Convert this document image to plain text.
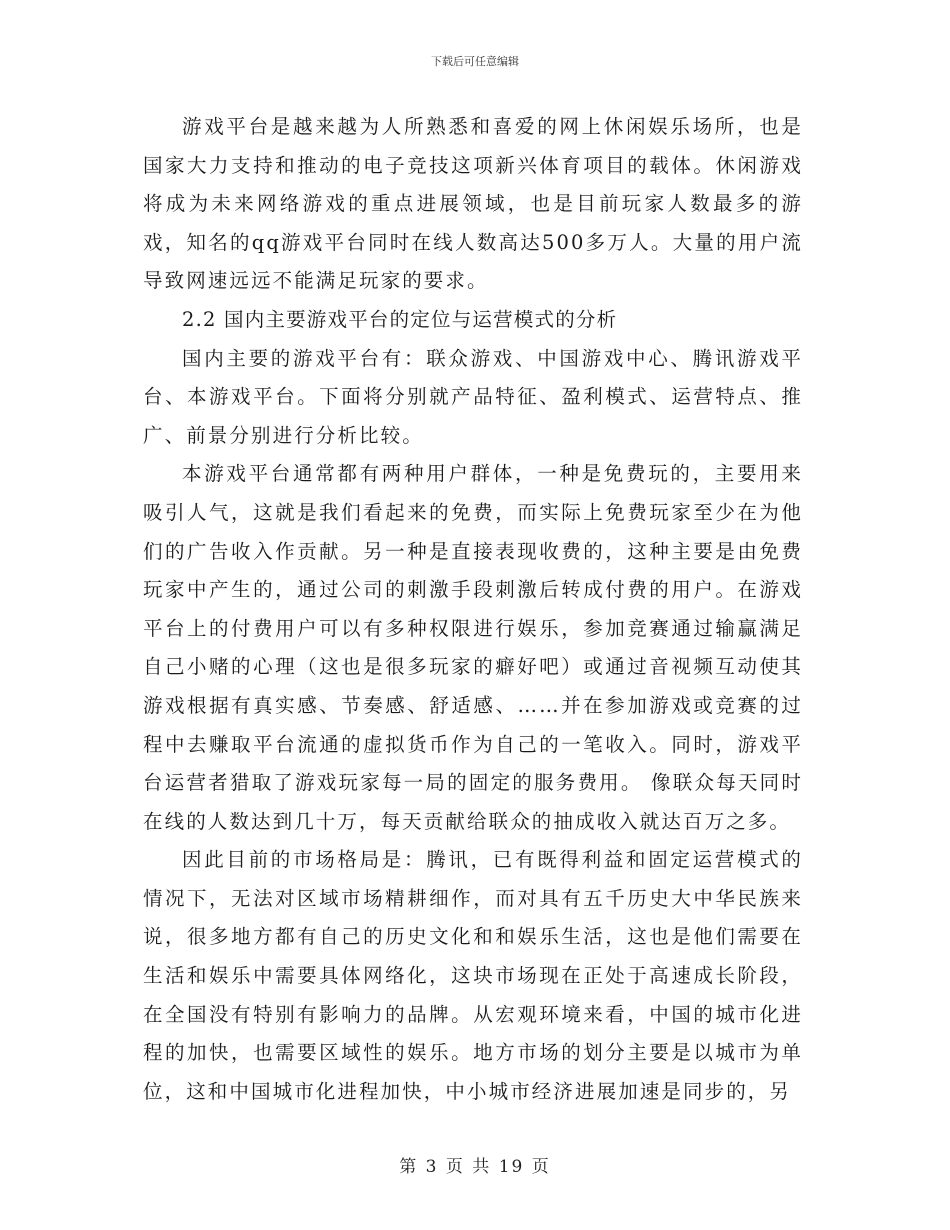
下载后可任意编辑

游戏平台是越来越为人所熟悉和喜爱的网上休闲娱乐场所，也是国家大力支持和推动的电子竞技这项新兴体育项目的载体。休闲游戏将成为未来网络游戏的重点进展领域，也是目前玩家人数最多的游戏，知名的qq游戏平台同时在线人数高达500多万人。大量的用户流导致网速远远不能满足玩家的要求。

2.2 国内主要游戏平台的定位与运营模式的分析

国内主要的游戏平台有：联众游戏、中国游戏中心、腾讯游戏平台、本游戏平台。下面将分别就产品特征、盈利模式、运营特点、推广、前景分别进行分析比较。

本游戏平台通常都有两种用户群体，一种是免费玩的，主要用来吸引人气，这就是我们看起来的免费，而实际上免费玩家至少在为他们的广告收入作贡献。另一种是直接表现收费的，这种主要是由免费玩家中产生的，通过公司的刺激手段刺激后转成付费的用户。在游戏平台上的付费用户可以有多种权限进行娱乐，参加竞赛通过输赢满足自己小赌的心理（这也是很多玩家的癖好吧）或通过音视频互动使其游戏根据有真实感、节奏感、舒适感、……并在参加游戏或竞赛的过程中去赚取平台流通的虚拟货币作为自己的一笔收入。同时，游戏平台运营者猎取了游戏玩家每一局的固定的服务费用。 像联众每天同时在线的人数达到几十万，每天贡献给联众的抽成收入就达百万之多。

因此目前的市场格局是：腾讯，已有既得利益和固定运营模式的情况下，无法对区域市场精耕细作，而对具有五千历史大中华民族来说，很多地方都有自己的历史文化和和娱乐生活，这也是他们需要在生活和娱乐中需要具体网络化，这块市场现在正处于高速成长阶段，在全国没有特别有影响力的品牌。从宏观环境来看，中国的城市化进程的加快，也需要区域性的娱乐。地方市场的划分主要是以城市为单位，这和中国城市化进程加快，中小城市经济进展加速是同步的，另

第 3 页 共 19 页
